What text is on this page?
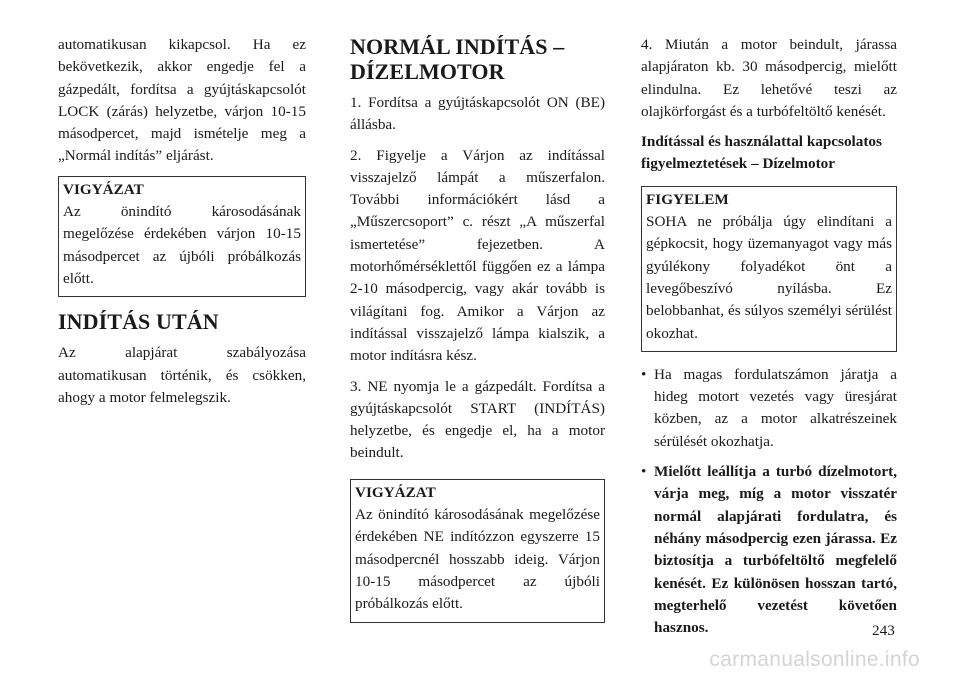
automatikusan kikapcsol. Ha ez bekövetkezik, akkor engedje fel a gázpedált, fordítsa a gyújtáskapcsolót LOCK (zárás) helyzetbe, várjon 10-15 másodpercet, majd ismételje meg a „Normál indítás” eljárást.

VIGYÁZAT

Az önindító károsodásának megelőzése érdekében várjon 10-15 másodpercet az újbóli próbálkozás előtt.

INDÍTÁS UTÁN

Az alapjárat szabályozása automatikusan történik, és csökken, ahogy a motor felmelegszik.

NORMÁL INDÍTÁS – DÍZELMOTOR

1. Fordítsa a gyújtáskapcsolót ON (BE) állásba.

2. Figyelje a Várjon az indítással visszajelző lámpát a műszerfalon. További információkért lásd a „Műszercsoport” c. részt „A műszerfal ismertetése” fejezetben. A motorhőmérséklettől függően ez a lámpa 2-10 másodpercig, vagy akár tovább is világítani fog. Amikor a Várjon az indítással visszajelző lámpa kialszik, a motor indításra kész.

3. NE nyomja le a gázpedált. Fordítsa a gyújtáskapcsolót START (INDÍTÁS) helyzetbe, és engedje el, ha a motor beindult.

VIGYÁZAT

Az önindító károsodásának megelőzése érdekében NE indítózzon egyszerre 15 másodpercnél hosszabb ideig. Várjon 10-15 másodpercet az újbóli próbálkozás előtt.

4. Miután a motor beindult, járassa alapjáraton kb. 30 másodpercig, mielőtt elindulna. Ez lehetővé teszi az olajkörforgást és a turbófeltöltő kenését.

Indítással és használattal kapcsolatos figyelmeztetések – Dízelmotor

FIGYELEM

SOHA ne próbálja úgy elindítani a gépkocsit, hogy üzemanyagot vagy más gyúlékony folyadékot önt a levegőbeszívó nyílásba. Ez belobbanhat, és súlyos személyi sérülést okozhat.

• Ha magas fordulatszámon járatja a hideg motort vezetés vagy üresjárat közben, az a motor alkatrészeinek sérülését okozhatja.
• Mielőtt leállítja a turbó dízelmotort, várja meg, míg a motor visszatér normál alapjárati fordulatra, és néhány másodpercig ezen járassa. Ez biztosítja a turbófeltöltő megfelelő kenését. Ez különösen hosszan tartó, megterhelő vezetést követően hasznos.	243
carmanualsonline.info
